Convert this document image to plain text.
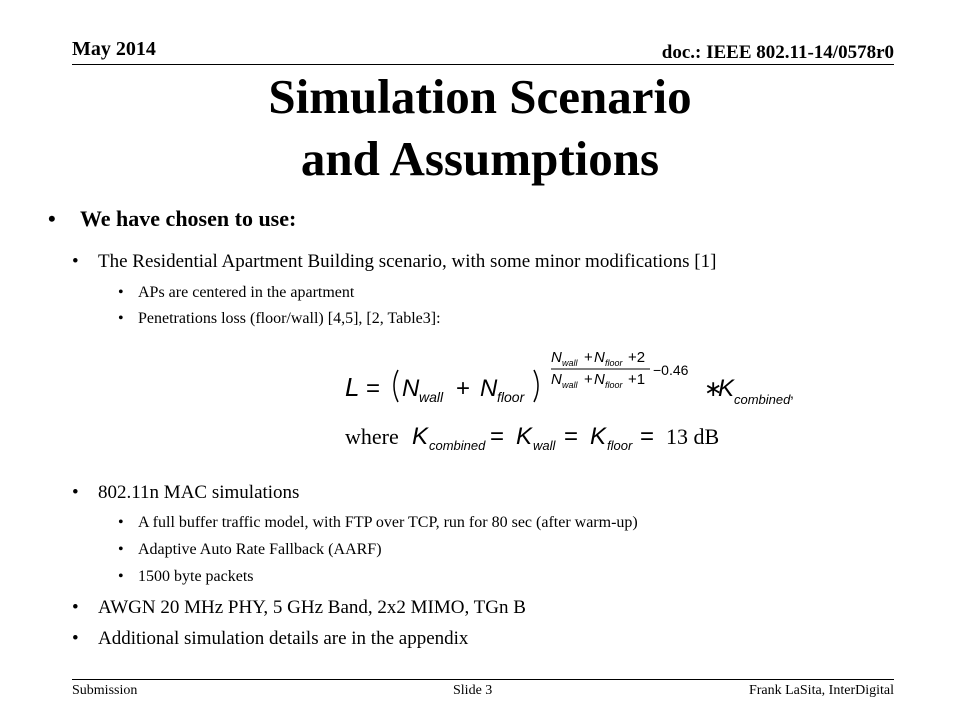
May 2014	doc.: IEEE 802.11-14/0578r0
Simulation Scenario
and Assumptions
• We have chosen to use:
• The Residential Apartment Building scenario, with some minor modifications [1]
• APs are centered in the apartment
• Penetrations loss (floor/wall) [4,5], [2, Table3]:
L = N wall + N floor
N wall + N floor +2
N wall + N floor +1
−0.46
∗
K combined ,
where K combined = K wall = K floor = 13 dB
• 802.11n MAC simulations
• A full buffer traffic model, with FTP over TCP, run for 80 sec (after warm-up)
• Adaptive Auto Rate Fallback (AARF)
• 1500 byte packets
• AWGN 20 MHz PHY, 5 GHz Band, 2x2 MIMO, TGn B
• Additional simulation details are in the appendix
Submission	Slide 3	Frank LaSita, InterDigital
